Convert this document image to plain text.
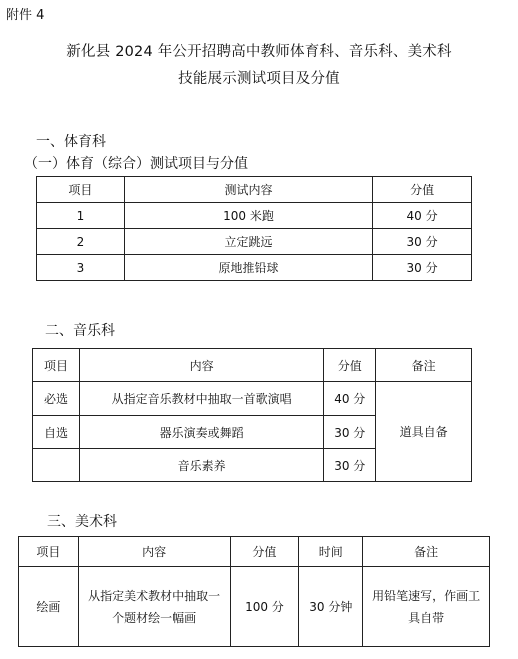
附件 4
新化县 2024 年公开招聘高中教师体育科、音乐科、美术科
技能展示测试项目及分值
一、体育科
（一）体育（综合）测试项目与分值
项目	测试内容	分值
1	100 米跑	40 分
2	立定跳远	30 分
3	原地推铅球	30 分
二、音乐科
项目	内容	分值	备注
必选	从指定音乐教材中抽取一首歌演唱	40 分	道具自备
自选	器乐演奏或舞蹈	30 分	
	音乐素养	30 分	
三、美术科
项目	内容	分值	时间	备注
绘画	从指定美术教材中抽取一个题材绘一幅画	100 分	30 分钟	用铅笔速写，作画工具自带
